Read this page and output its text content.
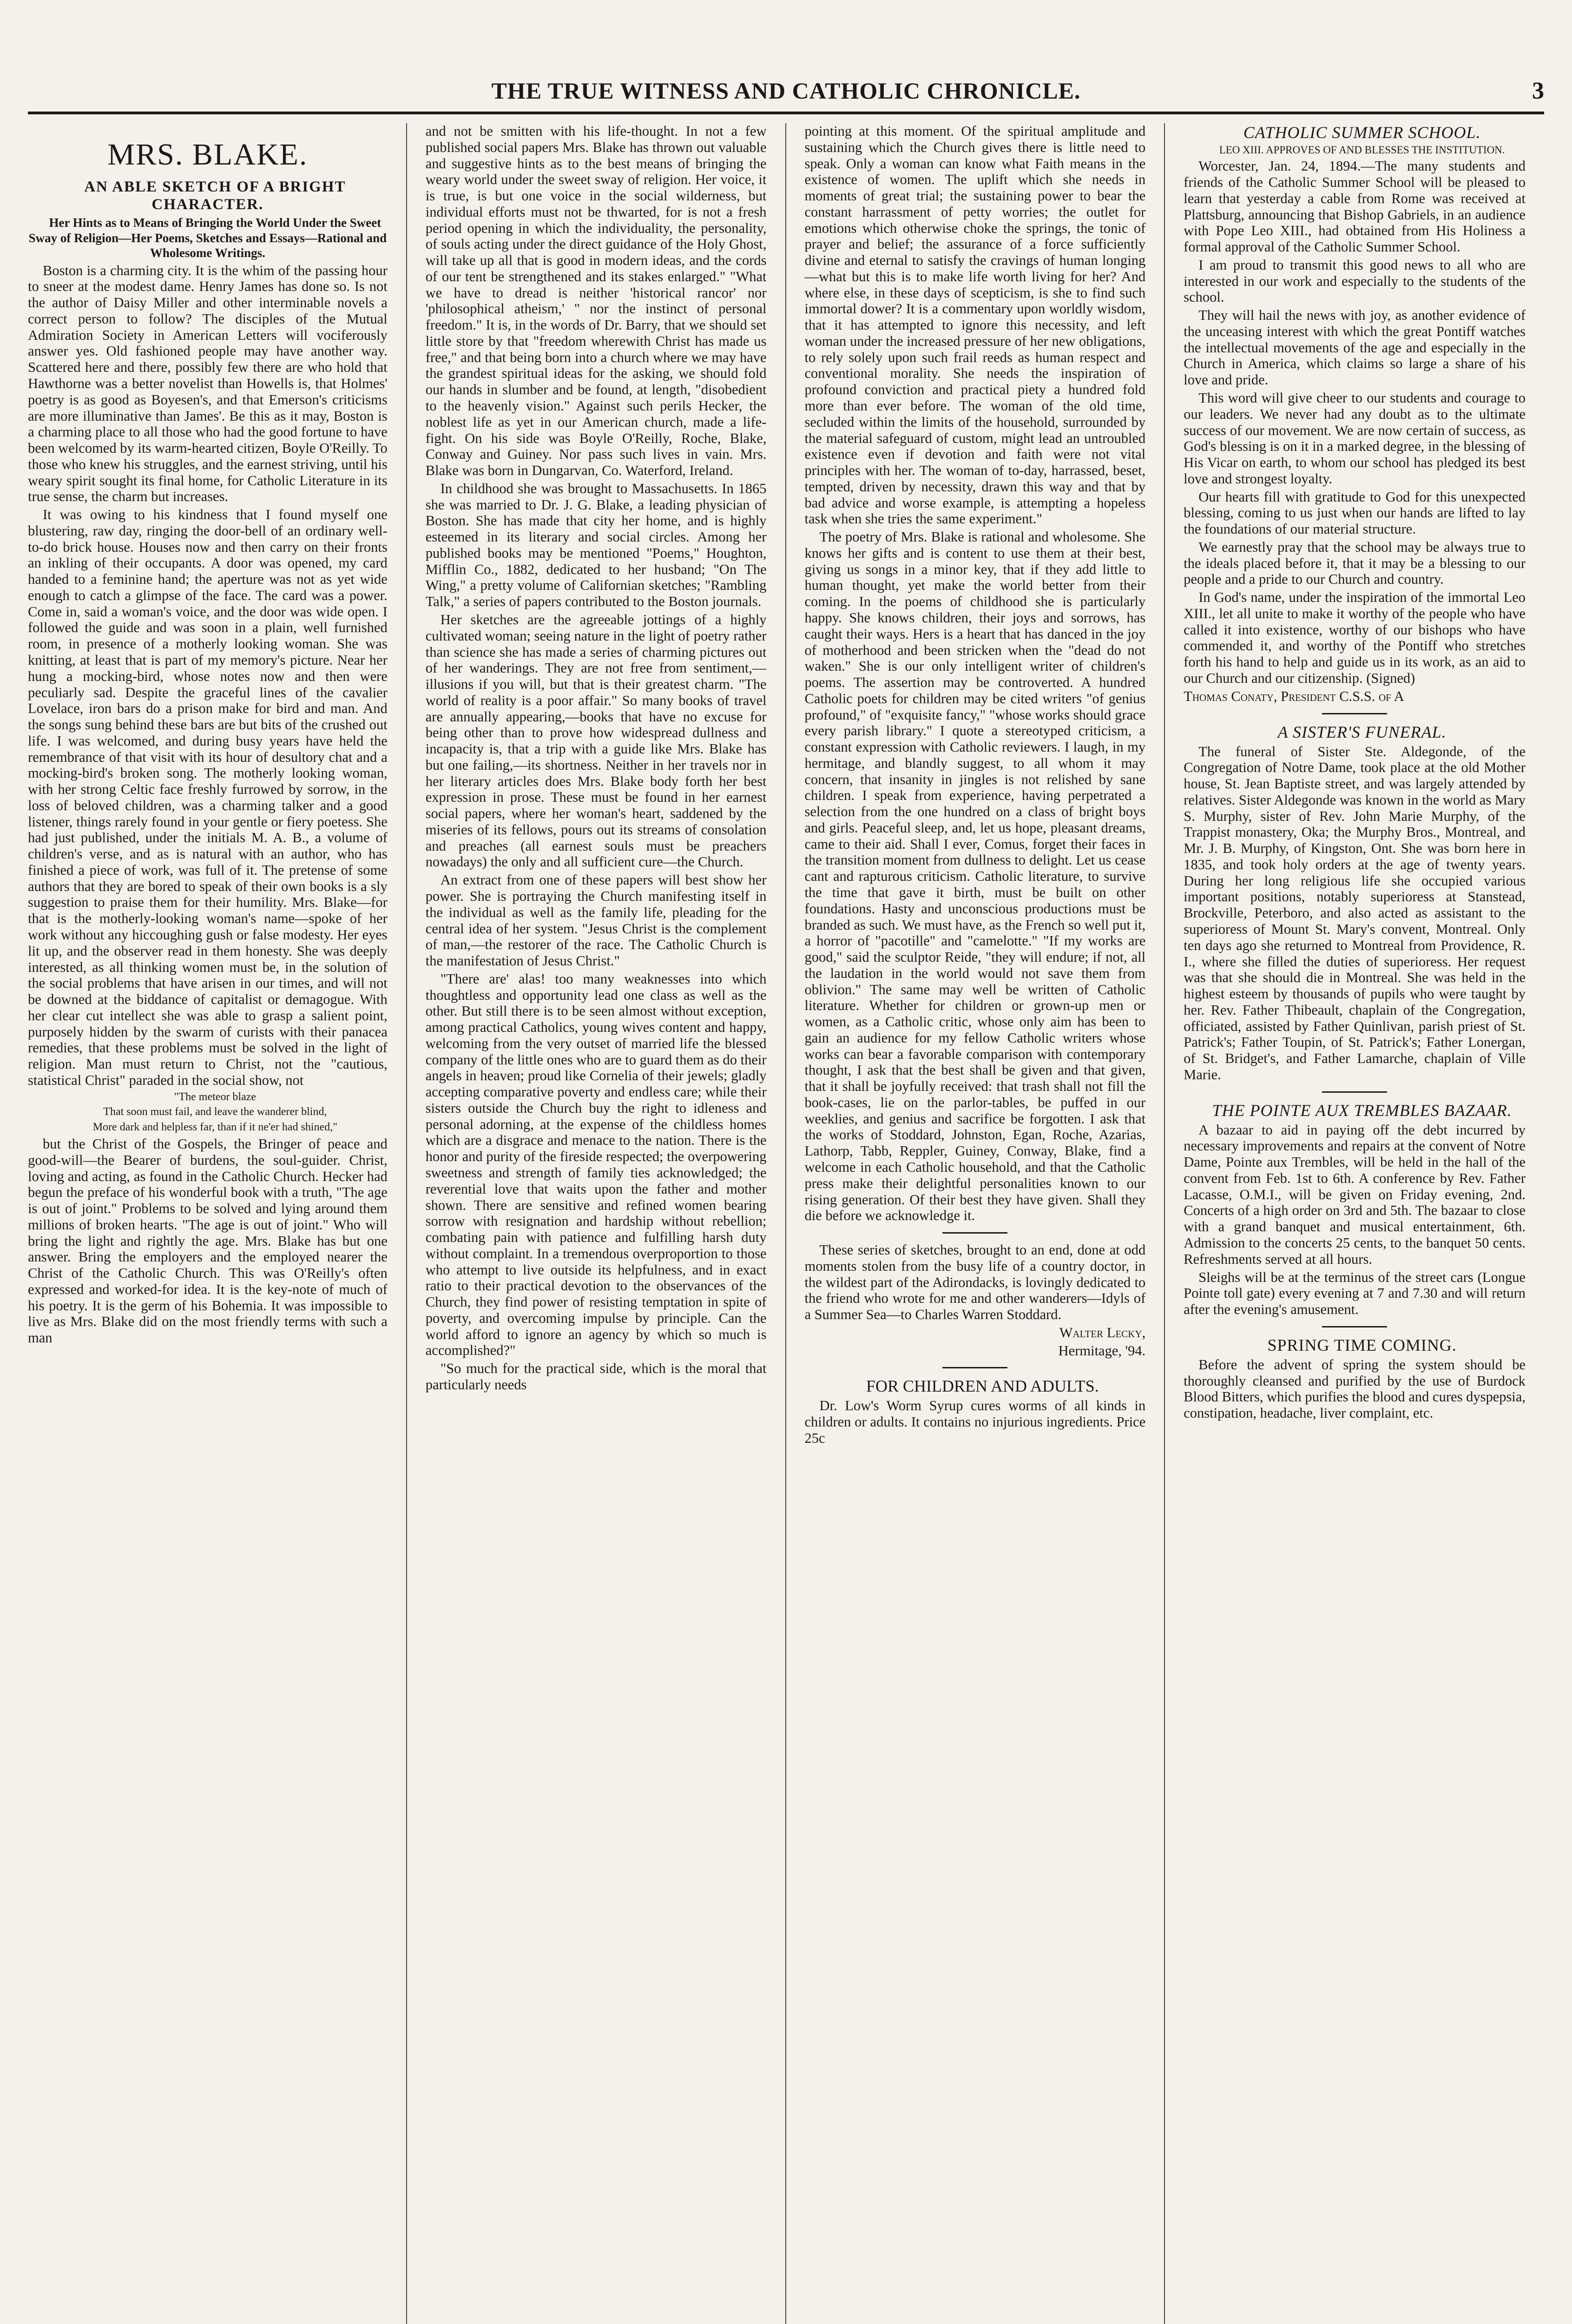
THE TRUE WITNESS AND CATHOLIC CHRONICLE.	3
MRS. BLAKE.

AN ABLE SKETCH OF A BRIGHT CHARACTER.

Her Hints as to Means of Bringing the World Under the Sweet Sway of Religion—Her Poems, Sketches and Essays—Rational and Wholesome Writings.

Boston is a charming city. It is the whim of the passing hour to sneer at the modest dame. Henry James has done so. Is not the author of Daisy Miller and other interminable novels a correct person to follow? The disciples of the Mutual Admiration Society in American Letters will vociferously answer yes. Old fashioned people may have another way. Scattered here and there, possibly few there are who hold that Hawthorne was a better novelist than Howells is, that Holmes' poetry is as good as Boyesen's, and that Emerson's criticisms are more illuminative than James'. Be this as it may, Boston is a charming place to all those who had the good fortune to have been welcomed by its warm-hearted citizen, Boyle O'Reilly. To those who knew his struggles, and the earnest striving, until his weary spirit sought its final home, for Catholic Literature in its true sense, the charm but increases.

It was owing to his kindness that I found myself one blustering, raw day, ringing the door-bell of an ordinary well-to-do brick house. Houses now and then carry on their fronts an inkling of their occupants. A door was opened, my card handed to a feminine hand; the aperture was not as yet wide enough to catch a glimpse of the face. The card was a power. Come in, said a woman's voice, and the door was wide open. I followed the guide and was soon in a plain, well furnished room, in presence of a motherly looking woman. She was knitting, at least that is part of my memory's picture. Near her hung a mocking-bird, whose notes now and then were peculiarly sad. Despite the graceful lines of the cavalier Lovelace, iron bars do a prison make for bird and man. And the songs sung behind these bars are but bits of the crushed out life. I was welcomed, and during busy years have held the remembrance of that visit with its hour of desultory chat and a mocking-bird's broken song. The motherly looking woman, with her strong Celtic face freshly furrowed by sorrow, in the loss of beloved children, was a charming talker and a good listener, things rarely found in your gentle or fiery poetess. She had just published, under the initials M. A. B., a volume of children's verse, and as is natural with an author, who has finished a piece of work, was full of it. The pretense of some authors that they are bored to speak of their own books is a sly suggestion to praise them for their humility. Mrs. Blake—for that is the motherly-looking woman's name—spoke of her work without any hiccoughing gush or false modesty. Her eyes lit up, and the observer read in them honesty. She was deeply interested, as all thinking women must be, in the solution of the social problems that have arisen in our times, and will not be downed at the biddance of capitalist or demagogue. With her clear cut intellect she was able to grasp a salient point, purposely hidden by the swarm of curists with their panacea remedies, that these problems must be solved in the light of religion. Man must return to Christ, not the "cautious, statistical Christ" paraded in the social show, not

"The meteor blaze

That soon must fail, and leave the wanderer blind,

More dark and helpless far, than if it ne'er had shined,"

but the Christ of the Gospels, the Bringer of peace and good-will—the Bearer of burdens, the soul-guider. Christ, loving and acting, as found in the Catholic Church. Hecker had begun the preface of his wonderful book with a truth, "The age is out of joint." Problems to be solved and lying around them millions of broken hearts. "The age is out of joint." Who will bring the light and rightly the age. Mrs. Blake has but one answer. Bring the employers and the employed nearer the Christ of the Catholic Church. This was O'Reilly's often expressed and worked-for idea. It is the key-note of much of his poetry. It is the germ of his Bohemia. It was impossible to live as Mrs. Blake did on the most friendly terms with such a man

and not be smitten with his life-thought. In not a few published social papers Mrs. Blake has thrown out valuable and suggestive hints as to the best means of bringing the weary world under the sweet sway of religion. Her voice, it is true, is but one voice in the social wilderness, but individual efforts must not be thwarted, for is not a fresh period opening in which the individuality, the personality, of souls acting under the direct guidance of the Holy Ghost, will take up all that is good in modern ideas, and the cords of our tent be strengthened and its stakes enlarged." "What we have to dread is neither 'historical rancor' nor 'philosophical atheism,' " nor the instinct of personal freedom." It is, in the words of Dr. Barry, that we should set little store by that "freedom wherewith Christ has made us free," and that being born into a church where we may have the grandest spiritual ideas for the asking, we should fold our hands in slumber and be found, at length, "disobedient to the heavenly vision." Against such perils Hecker, the noblest life as yet in our American church, made a life-fight. On his side was Boyle O'Reilly, Roche, Blake, Conway and Guiney. Nor pass such lives in vain. Mrs. Blake was born in Dungarvan, Co. Waterford, Ireland.

In childhood she was brought to Massachusetts. In 1865 she was married to Dr. J. G. Blake, a leading physician of Boston. She has made that city her home, and is highly esteemed in its literary and social circles. Among her published books may be mentioned "Poems," Houghton, Mifflin Co., 1882, dedicated to her husband; "On The Wing," a pretty volume of Californian sketches; "Rambling Talk," a series of papers contributed to the Boston journals.

Her sketches are the agreeable jottings of a highly cultivated woman; seeing nature in the light of poetry rather than science she has made a series of charming pictures out of her wanderings. They are not free from sentiment,—illusions if you will, but that is their greatest charm. "The world of reality is a poor affair." So many books of travel are annually appearing,—books that have no excuse for being other than to prove how widespread dullness and incapacity is, that a trip with a guide like Mrs. Blake has but one failing,—its shortness. Neither in her travels nor in her literary articles does Mrs. Blake body forth her best expression in prose. These must be found in her earnest social papers, where her woman's heart, saddened by the miseries of its fellows, pours out its streams of consolation and preaches (all earnest souls must be preachers nowadays) the only and all sufficient cure—the Church.

An extract from one of these papers will best show her power. She is portraying the Church manifesting itself in the individual as well as the family life, pleading for the central idea of her system. "Jesus Christ is the complement of man,—the restorer of the race. The Catholic Church is the manifestation of Jesus Christ."

"There are' alas! too many weaknesses into which thoughtless and opportunity lead one class as well as the other. But still there is to be seen almost without exception, among practical Catholics, young wives content and happy, welcoming from the very outset of married life the blessed company of the little ones who are to guard them as do their angels in heaven; proud like Cornelia of their jewels; gladly accepting comparative poverty and endless care; while their sisters outside the Church buy the right to idleness and personal adorning, at the expense of the childless homes which are a disgrace and menace to the nation. There is the honor and purity of the fireside respected; the overpowering sweetness and strength of family ties acknowledged; the reverential love that waits upon the father and mother shown. There are sensitive and refined women bearing sorrow with resignation and hardship without rebellion; combating pain with patience and fulfilling harsh duty without complaint. In a tremendous overproportion to those who attempt to live outside its helpfulness, and in exact ratio to their practical devotion to the observances of the Church, they find power of resisting temptation in spite of poverty, and overcoming impulse by principle. Can the world afford to ignore an agency by which so much is accomplished?"

"So much for the practical side, which is the moral that particularly needs

pointing at this moment. Of the spiritual amplitude and sustaining which the Church gives there is little need to speak. Only a woman can know what Faith means in the existence of women. The uplift which she needs in moments of great trial; the sustaining power to bear the constant harrassment of petty worries; the outlet for emotions which otherwise choke the springs, the tonic of prayer and belief; the assurance of a force sufficiently divine and eternal to satisfy the cravings of human longing—what but this is to make life worth living for her? And where else, in these days of scepticism, is she to find such immortal dower? It is a commentary upon worldly wisdom, that it has attempted to ignore this necessity, and left woman under the increased pressure of her new obligations, to rely solely upon such frail reeds as human respect and conventional morality. She needs the inspiration of profound conviction and practical piety a hundred fold more than ever before. The woman of the old time, secluded within the limits of the household, surrounded by the material safeguard of custom, might lead an untroubled existence even if devotion and faith were not vital principles with her. The woman of to-day, harrassed, beset, tempted, driven by necessity, drawn this way and that by bad advice and worse example, is attempting a hopeless task when she tries the same experiment."

The poetry of Mrs. Blake is rational and wholesome. She knows her gifts and is content to use them at their best, giving us songs in a minor key, that if they add little to human thought, yet make the world better from their coming. In the poems of childhood she is particularly happy. She knows children, their joys and sorrows, has caught their ways. Hers is a heart that has danced in the joy of motherhood and been stricken when the "dead do not waken." She is our only intelligent writer of children's poems. The assertion may be controverted. A hundred Catholic poets for children may be cited writers "of genius profound," of "exquisite fancy," "whose works should grace every parish library." I quote a stereotyped criticism, a constant expression with Catholic reviewers. I laugh, in my hermitage, and blandly suggest, to all whom it may concern, that insanity in jingles is not relished by sane children. I speak from experience, having perpetrated a selection from the one hundred on a class of bright boys and girls. Peaceful sleep, and, let us hope, pleasant dreams, came to their aid. Shall I ever, Comus, forget their faces in the transition moment from dullness to delight. Let us cease cant and rapturous criticism. Catholic literature, to survive the time that gave it birth, must be built on other foundations. Hasty and unconscious productions must be branded as such. We must have, as the French so well put it, a horror of "pacotille" and "camelotte." "If my works are good," said the sculptor Reide, "they will endure; if not, all the laudation in the world would not save them from oblivion." The same may well be written of Catholic literature. Whether for children or grown-up men or women, as a Catholic critic, whose only aim has been to gain an audience for my fellow Catholic writers whose works can bear a favorable comparison with contemporary thought, I ask that the best shall be given and that given, that it shall be joyfully received: that trash shall not fill the book-cases, lie on the parlor-tables, be puffed in our weeklies, and genius and sacrifice be forgotten. I ask that the works of Stoddard, Johnston, Egan, Roche, Azarias, Lathorp, Tabb, Reppler, Guiney, Conway, Blake, find a welcome in each Catholic household, and that the Catholic press make their delightful personalities known to our rising generation. Of their best they have given. Shall they die before we acknowledge it.

These series of sketches, brought to an end, done at odd moments stolen from the busy life of a country doctor, in the wildest part of the Adirondacks, is lovingly dedicated to the friend who wrote for me and other wanderers—Idyls of a Summer Sea—to Charles Warren Stoddard.

Walter Lecky,

Hermitage, '94.

FOR CHILDREN AND ADULTS.

Dr. Low's Worm Syrup cures worms of all kinds in children or adults. It contains no injurious ingredients. Price 25c

CATHOLIC SUMMER SCHOOL.

LEO XIII. APPROVES OF AND BLESSES THE INSTITUTION.

Worcester, Jan. 24, 1894.—The many students and friends of the Catholic Summer School will be pleased to learn that yesterday a cable from Rome was received at Plattsburg, announcing that Bishop Gabriels, in an audience with Pope Leo XIII., had obtained from His Holiness a formal approval of the Catholic Summer School.

I am proud to transmit this good news to all who are interested in our work and especially to the students of the school.

They will hail the news with joy, as another evidence of the unceasing interest with which the great Pontiff watches the intellectual movements of the age and especially in the Church in America, which claims so large a share of his love and pride.

This word will give cheer to our students and courage to our leaders. We never had any doubt as to the ultimate success of our movement. We are now certain of success, as God's blessing is on it in a marked degree, in the blessing of His Vicar on earth, to whom our school has pledged its best love and strongest loyalty.

Our hearts fill with gratitude to God for this unexpected blessing, coming to us just when our hands are lifted to lay the foundations of our material structure.

We earnestly pray that the school may be always true to the ideals placed before it, that it may be a blessing to our people and a pride to our Church and country.

In God's name, under the inspiration of the immortal Leo XIII., let all unite to make it worthy of the people who have called it into existence, worthy of our bishops who have commended it, and worthy of the Pontiff who stretches forth his hand to help and guide us in its work, as an aid to our Church and our citizenship. (Signed)

Thomas Conaty, President C.S.S. of A

A SISTER'S FUNERAL.

The funeral of Sister Ste. Aldegonde, of the Congregation of Notre Dame, took place at the old Mother house, St. Jean Baptiste street, and was largely attended by relatives. Sister Aldegonde was known in the world as Mary S. Murphy, sister of Rev. John Marie Murphy, of the Trappist monastery, Oka; the Murphy Bros., Montreal, and Mr. J. B. Murphy, of Kingston, Ont. She was born here in 1835, and took holy orders at the age of twenty years. During her long religious life she occupied various important positions, notably superioress at Stanstead, Brockville, Peterboro, and also acted as assistant to the superioress of Mount St. Mary's convent, Montreal. Only ten days ago she returned to Montreal from Providence, R. I., where she filled the duties of superioress. Her request was that she should die in Montreal. She was held in the highest esteem by thousands of pupils who were taught by her. Rev. Father Thibeault, chaplain of the Congregation, officiated, assisted by Father Quinlivan, parish priest of St. Patrick's; Father Toupin, of St. Patrick's; Father Lonergan, of St. Bridget's, and Father Lamarche, chaplain of Ville Marie.

THE POINTE AUX TREMBLES BAZAAR.

A bazaar to aid in paying off the debt incurred by necessary improvements and repairs at the convent of Notre Dame, Pointe aux Trembles, will be held in the hall of the convent from Feb. 1st to 6th. A conference by Rev. Father Lacasse, O.M.I., will be given on Friday evening, 2nd. Concerts of a high order on 3rd and 5th. The bazaar to close with a grand banquet and musical entertainment, 6th. Admission to the concerts 25 cents, to the banquet 50 cents. Refreshments served at all hours.

Sleighs will be at the terminus of the street cars (Longue Pointe toll gate) every evening at 7 and 7.30 and will return after the evening's amusement.

SPRING TIME COMING.

Before the advent of spring the system should be thoroughly cleansed and purified by the use of Burdock Blood Bitters, which purifies the blood and cures dyspepsia, constipation, headache, liver complaint, etc.
